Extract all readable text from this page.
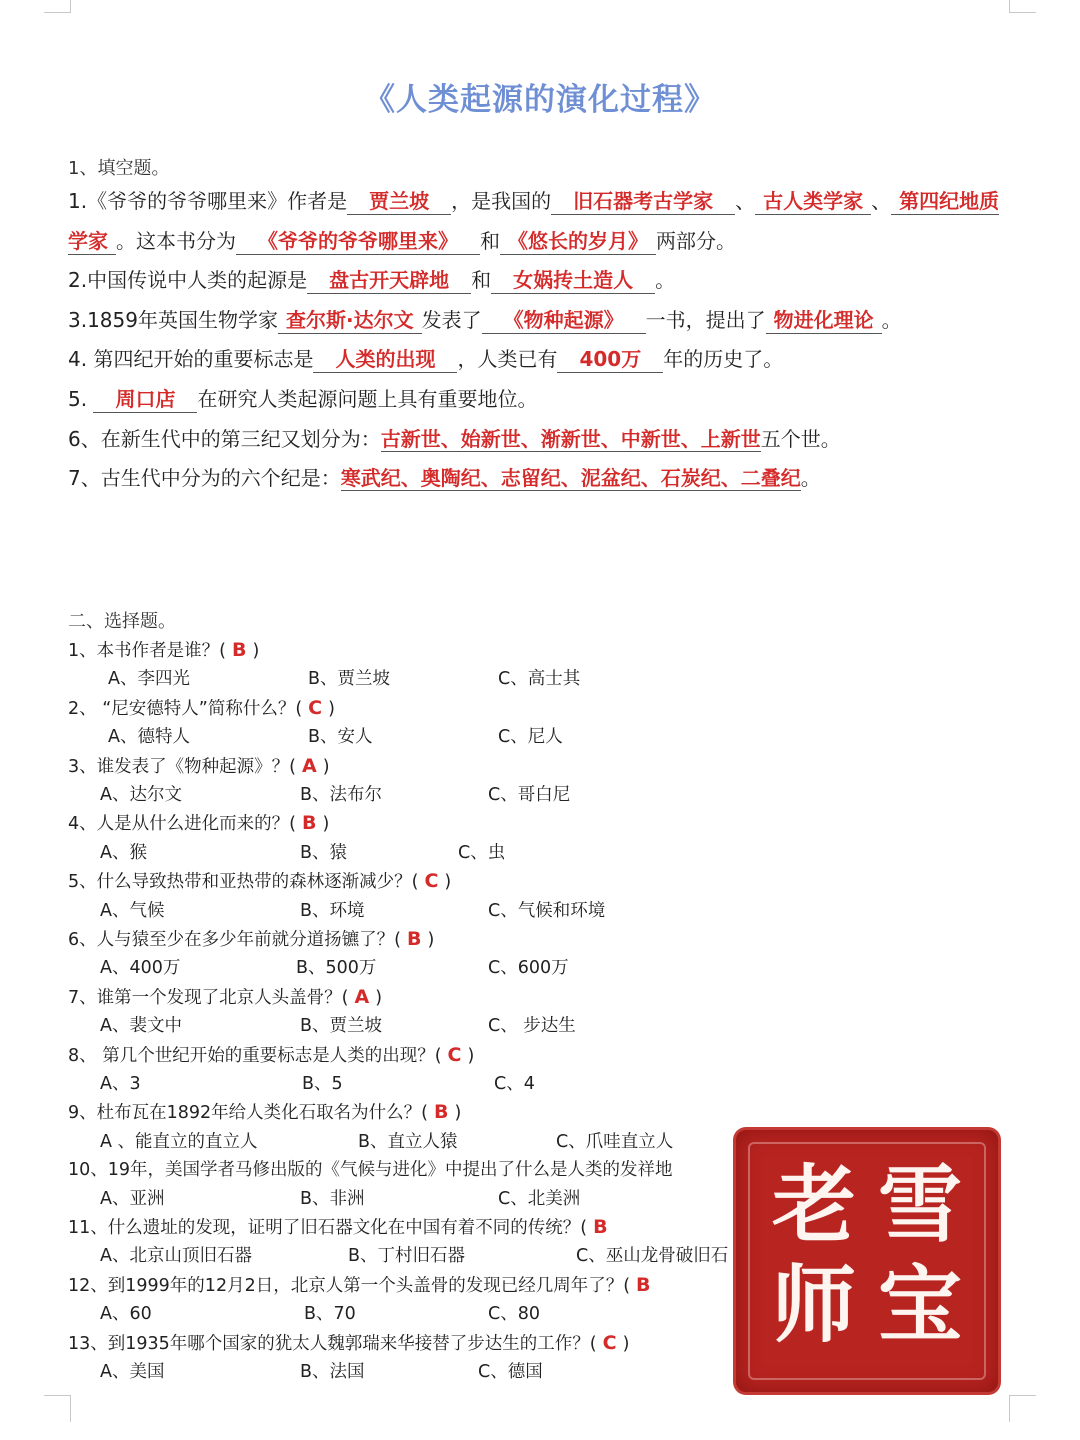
《人类起源的演化过程》
1、填空题。
1.《爷爷的爷爷哪里来》作者是 贾兰坡 ，是我国的 旧石器考古学家 、 古人类学家 、 第四纪地质学家 。这本书分为 《爷爷的爷爷哪里来》 和 《悠长的岁月》 两部分。
2.中国传说中人类的起源是 盘古开天辟地 和 女娲抟土造人 。
3.1859年英国生物学家 查尔斯·达尔文 发表了 《物种起源》 一书，提出了 物进化理论 。
4. 第四纪开始的重要标志是 人类的出现 ，人类已有 400万 年的历史了。
5. 周口店 在研究人类起源问题上具有重要地位。
6、在新生代中的第三纪又划分为：古新世、始新世、渐新世、中新世、上新世五个世。
7、古生代中分为的六个纪是：寒武纪、奥陶纪、志留纪、泥盆纪、石炭纪、二叠纪。
二、选择题。
1、本书作者是谁？( B )
A、李四光	B、贾兰坡	C、高士其
2、 “尼安德特人”简称什么？( C )
A、德特人	B、安人	C、尼人
3、谁发表了《物种起源》？( A )
A、达尔文	B、法布尔	C、哥白尼
4、人是从什么进化而来的？( B )
A、猴	B、猿	C、虫
5、什么导致热带和亚热带的森林逐渐减少？( C )
A、气候	B、环境	C、气候和环境
6、人与猿至少在多少年前就分道扬镳了？( B )
A、400万	B、500万	C、600万
7、谁第一个发现了北京人头盖骨？( A )
A、裴文中	B、贾兰坡	C、 步达生
8、 第几个世纪开始的重要标志是人类的出现？( C )
A、3	B、5	C、4
9、杜布瓦在1892年给人类化石取名为什么？( B )
A 、能直立的直立人	B、直立人猿	C、爪哇直立人
10、19年，美国学者马修出版的《气候与进化》中提出了什么是人类的发祥地
A、亚洲	B、非洲	C、北美洲
11、什么遗址的发现，证明了旧石器文化在中国有着不同的传统？( B
A、北京山顶旧石器	B、丁村旧石器	C、巫山龙骨破旧石
12、到1999年的12月2日，北京人第一个头盖骨的发现已经几周年了？( B
A、60	B、70	C、80
13、到1935年哪个国家的犹太人魏郭瑞来华接替了步达生的工作？( C )
A、美国	B、法国	C、德国
老 雪
师 宝
